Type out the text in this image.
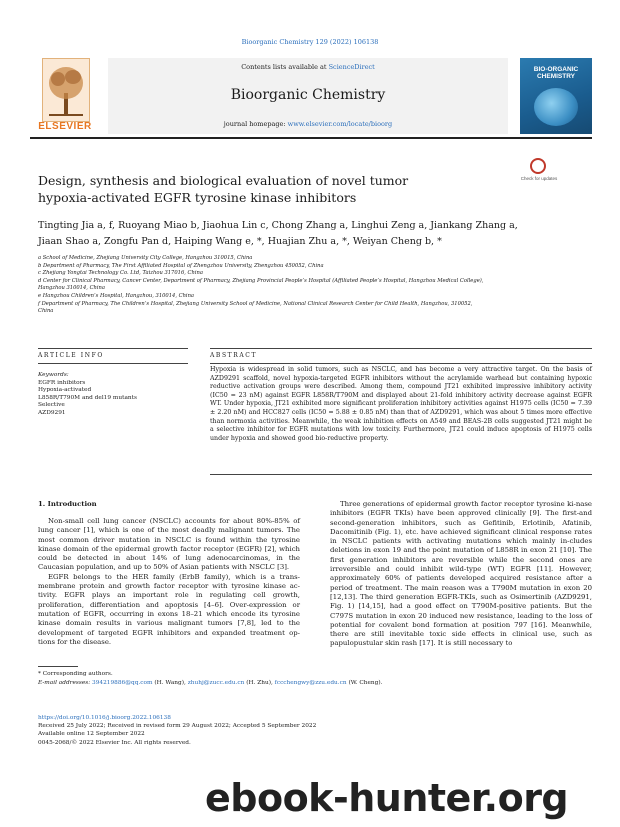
Bioorganic Chemistry 129 (2022) 106138
ELSEVIER
Contents lists available at ScienceDirect
Bioorganic Chemistry
journal homepage: www.elsevier.com/locate/bioorg
BIO-ORGANIC CHEMISTRY
Design, synthesis and biological evaluation of novel tumor
hypoxia-activated EGFR tyrosine kinase inhibitors
Check for updates
Tingting Jia a, f, Ruoyang Miao b, Jiaohua Lin c, Chong Zhang a, Linghui Zeng a, Jiankang Zhang a,
Jiaan Shao a, Zongfu Pan d, Haiping Wang e, *, Huajian Zhu a, *, Weiyan Cheng b, *
a School of Medicine, Zhejiang University City College, Hangzhou 310015, China
b Department of Pharmacy, The First Affiliated Hospital of Zhengzhou University, Zhengzhou 450052, China
c Zhejiang Yongtai Technology Co. Ltd, Taizhou 317016, China
d Center for Clinical Pharmacy, Cancer Center, Department of Pharmacy, Zhejiang Provincial People’s Hospital (Affiliated People’s Hospital, Hangzhou Medical College),
Hangzhou 310014, China
e Hangzhou Children’s Hospital, Hangzhou, 310014, China
f Department of Pharmacy, The Children’s Hospital, Zhejiang University School of Medicine, National Clinical Research Center for Child Health, Hangzhou, 310052,
China
ARTICLE INFO	ABSTRACT
Keywords:
EGFR inhibitors
Hypoxia-activated
L858R/T790M and del19 mutants
Selective
AZD9291
Hypoxia is widespread in solid tumors, such as NSCLC, and has become a very attractive target. On the basis of AZD9291 scaffold, novel hypoxia-targeted EGFR inhibitors without the acrylamide warhead but containing hypoxic reductive activation groups were described. Among them, compound JT21 exhibited impressive inhibitory activity (IC50 = 23 nM) against EGFR L858R/T790M and displayed about 21-fold inhibitory activity decrease against EGFR WT. Under hypoxia, JT21 exhibited more significant proliferation inhibitory activities against H1975 cells (IC50 = 7.39 ± 2.20 nM) and HCC827 cells (IC50 = 5.88 ± 0.85 nM) than that of AZD9291, which was about 5 times more effective than normoxia activities. Meanwhile, the weak inhibition effects on A549 and BEAS-2B cells suggested JT21 might be a selective inhibitor for EGFR mutations with low toxicity. Furthermore, JT21 could induce apoptosis of H1975 cells under hypoxia and showed good bio-reductive property.
1. Introduction
Non-small cell lung cancer (NSCLC) accounts for about 80%-85% of lung cancer [1], which is one of the most deadly malignant tumors. The most common driver mutation in NSCLC is found within the tyrosine kinase domain of the epidermal growth factor receptor (EGFR) [2], which could be detected in about 14% of lung adenocarcinomas, in the Caucasian population, and up to 50% of Asian patients with NSCLC [3].
EGFR belongs to the HER family (ErbB family), which is a trans-membrane protein and growth factor receptor with tyrosine kinase ac-tivity. EGFR plays an important role in regulating cell growth, proliferation, differentiation and apoptosis [4–6]. Over-expression or mutation of EGFR, occurring in exons 18–21 which encode its tyrosine kinase domain results in various malignant tumors [7,8], led to the development of targeted EGFR inhibitors and expanded treatment op-tions for the disease.
Three generations of epidermal growth factor receptor tyrosine ki-nase inhibitors (EGFR TKIs) have been approved clinically [9]. The first-and second-generation inhibitors, such as Gefitinib, Erlotinib, Afatinib, Dacomitinib (Fig. 1), etc. have achieved significant clinical response rates in NSCLC patients with activating mutations which mainly in-cludes deletions in exon 19 and the point mutation of L858R in exon 21 [10]. The first generation inhibitors are reversible while the second ones are irreversible and could inhibit wild-type (WT) EGFR [11]. However, approximately 60% of patients developed acquired resistance after a period of treatment. The main reason was a T790M mutation in exon 20 [12,13]. The third generation EGFR-TKIs, such as Osimertinib (AZD9291, Fig. 1) [14,15], had a good effect on T790M-positive patients. But the C797S mutation in exon 20 induced new resistance, leading to the loss of potential for covalent bond formation at position 797 [16]. Meanwhile, there are still inevitable toxic side effects in clinical use, such as papulopustular skin rash [17]. It is still necessary to
* Corresponding authors.
E-mail addresses: 394219886@qq.com (H. Wang), zhuhj@zucc.edu.cn (H. Zhu), fccchengwy@zzu.edu.cn (W. Cheng).
https://doi.org/10.1016/j.bioorg.2022.106138
Received 25 July 2022; Received in revised form 29 August 2022; Accepted 5 September 2022
Available online 12 September 2022
0045-2068/© 2022 Elsevier Inc. All rights reserved.
ebook-hunter.org
